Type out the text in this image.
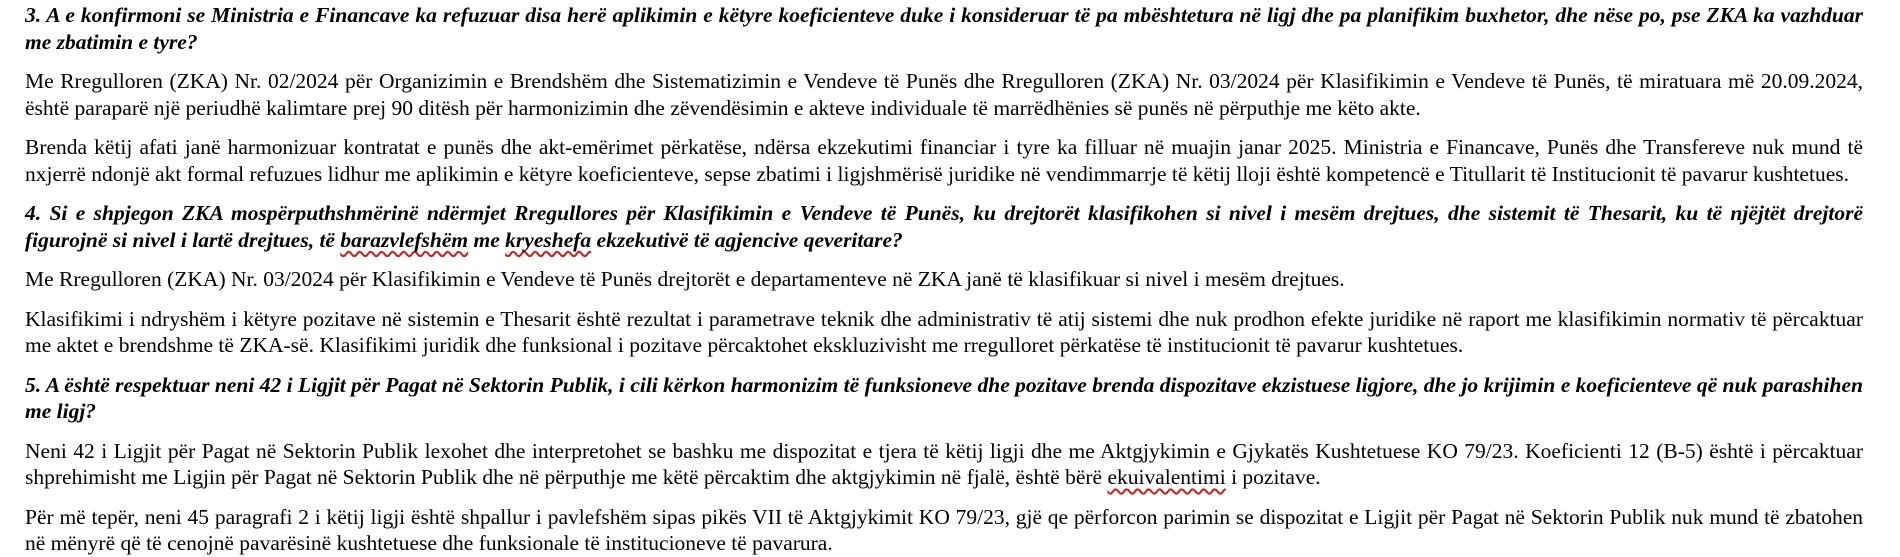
3. A e konfirmoni se Ministria e Financave ka refuzuar disa herë aplikimin e këtyre koeficienteve duke i konsideruar të pa mbështetura në ligj dhe pa planifikim buxhetor, dhe nëse po, pse ZKA ka vazhduar me zbatimin e tyre?

Me Rregulloren (ZKA) Nr. 02/2024 për Organizimin e Brendshëm dhe Sistematizimin e Vendeve të Punës dhe Rregulloren (ZKA) Nr. 03/2024 për Klasifikimin e Vendeve të Punës, të miratuara më 20.09.2024, është paraparë një periudhë kalimtare prej 90 ditësh për harmonizimin dhe zëvendësimin e akteve individuale të marrëdhënies së punës në përputhje me këto akte.

Brenda këtij afati janë harmonizuar kontratat e punës dhe akt-emërimet përkatëse, ndërsa ekzekutimi financiar i tyre ka filluar në muajin janar 2025. Ministria e Financave, Punës dhe Transfereve nuk mund të nxjerrë ndonjë akt formal refuzues lidhur me aplikimin e këtyre koeficienteve, sepse zbatimi i ligjshmërisë juridike në vendimmarrje të këtij lloji është kompetencë e Titullarit të Institucionit të pavarur kushtetues.

4. Si e shpjegon ZKA mospërputhshmërinë ndërmjet Rregullores për Klasifikimin e Vendeve të Punës, ku drejtorët klasifikohen si nivel i mesëm drejtues, dhe sistemit të Thesarit, ku të njëjtët drejtorë figurojnë si nivel i lartë drejtues, të barazvlefshëm me kryeshefa ekzekutivë të agjencive qeveritare?

Me Rregulloren (ZKA) Nr. 03/2024 për Klasifikimin e Vendeve të Punës drejtorët e departamenteve në ZKA janë të klasifikuar si nivel i mesëm drejtues.

Klasifikimi i ndryshëm i këtyre pozitave në sistemin e Thesarit është rezultat i parametrave teknik dhe administrativ të atij sistemi dhe nuk prodhon efekte juridike në raport me klasifikimin normativ të përcaktuar me aktet e brendshme të ZKA-së. Klasifikimi juridik dhe funksional i pozitave përcaktohet ekskluzivisht me rregulloret përkatëse të institucionit të pavarur kushtetues.

5. A është respektuar neni 42 i Ligjit për Pagat në Sektorin Publik, i cili kërkon harmonizim të funksioneve dhe pozitave brenda dispozitave ekzistuese ligjore, dhe jo krijimin e koeficienteve që nuk parashihen me ligj?

Neni 42 i Ligjit për Pagat në Sektorin Publik lexohet dhe interpretohet se bashku me dispozitat e tjera të këtij ligji dhe me Aktgjykimin e Gjykatës Kushtetuese KO 79/23. Koeficienti 12 (B-5) është i përcaktuar shprehimisht me Ligjin për Pagat në Sektorin Publik dhe në përputhje me këtë përcaktim dhe aktgjykimin në fjalë, është bërë ekuivalentimi i pozitave.

Për më tepër, neni 45 paragrafi 2 i këtij ligji është shpallur i pavlefshëm sipas pikës VII të Aktgjykimit KO 79/23, gjë qe përforcon parimin se dispozitat e Ligjit për Pagat në Sektorin Publik nuk mund të zbatohen në mënyrë që të cenojnë pavarësinë kushtetuese dhe funksionale të institucioneve të pavarura.
